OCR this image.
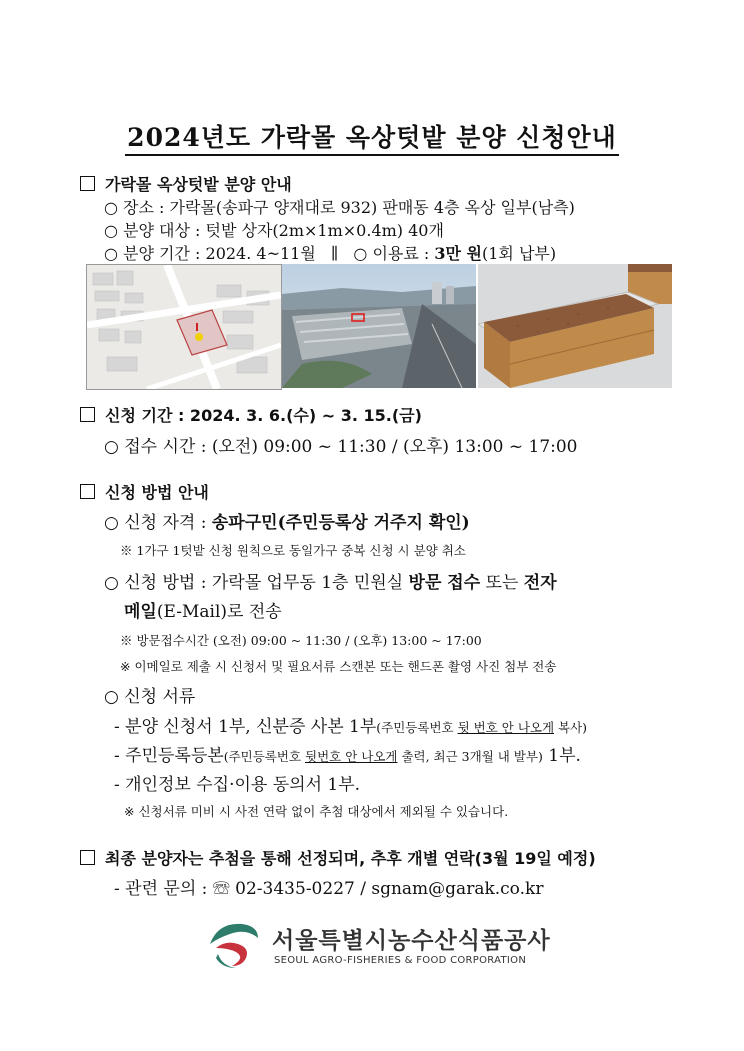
2024년도 가락몰 옥상텃밭 분양 신청안내
가락몰 옥상텃밭 분양 안내
○ 장소 : 가락몰(송파구 양재대로 932) 판매동 4층 옥상 일부(남측)
○ 분양 대상 : 텃밭 상자(2m×1m×0.4m) 40개
○ 분양 기간 : 2024. 4~11월 ∥ ○ 이용료 : 3만 원(1회 납부)
신청 기간 : 2024. 3. 6.(수) ~ 3. 15.(금)
○ 접수 시간 : (오전) 09:00 ~ 11:30 / (오후) 13:00 ~ 17:00
신청 방법 안내
○ 신청 자격 : 송파구민(주민등록상 거주지 확인)
※ 1가구 1텃밭 신청 원칙으로 동일가구 중복 신청 시 분양 취소
○ 신청 방법 : 가락몰 업무동 1층 민원실 방문 접수 또는 전자
메일(E-Mail)로 전송
※ 방문접수시간 (오전) 09:00 ~ 11:30 / (오후) 13:00 ~ 17:00
※ 이메일로 제출 시 신청서 및 필요서류 스캔본 또는 핸드폰 촬영 사진 첨부 전송
○ 신청 서류
- 분양 신청서 1부, 신분증 사본 1부(주민등록번호 뒷 번호 안 나오게 복사)
- 주민등록등본(주민등록번호 뒷번호 안 나오게 출력, 최근 3개월 내 발부) 1부.
- 개인정보 수집·이용 동의서 1부.
※ 신청서류 미비 시 사전 연락 없이 추첨 대상에서 제외될 수 있습니다.
최종 분양자는 추첨을 통해 선정되며, 추후 개별 연락(3월 19일 예정)
- 관련 문의 : ☏ 02-3435-0227 / sgnam@garak.co.kr
서울특별시농수산식품공사
SEOUL AGRO-FISHERIES & FOOD CORPORATION
